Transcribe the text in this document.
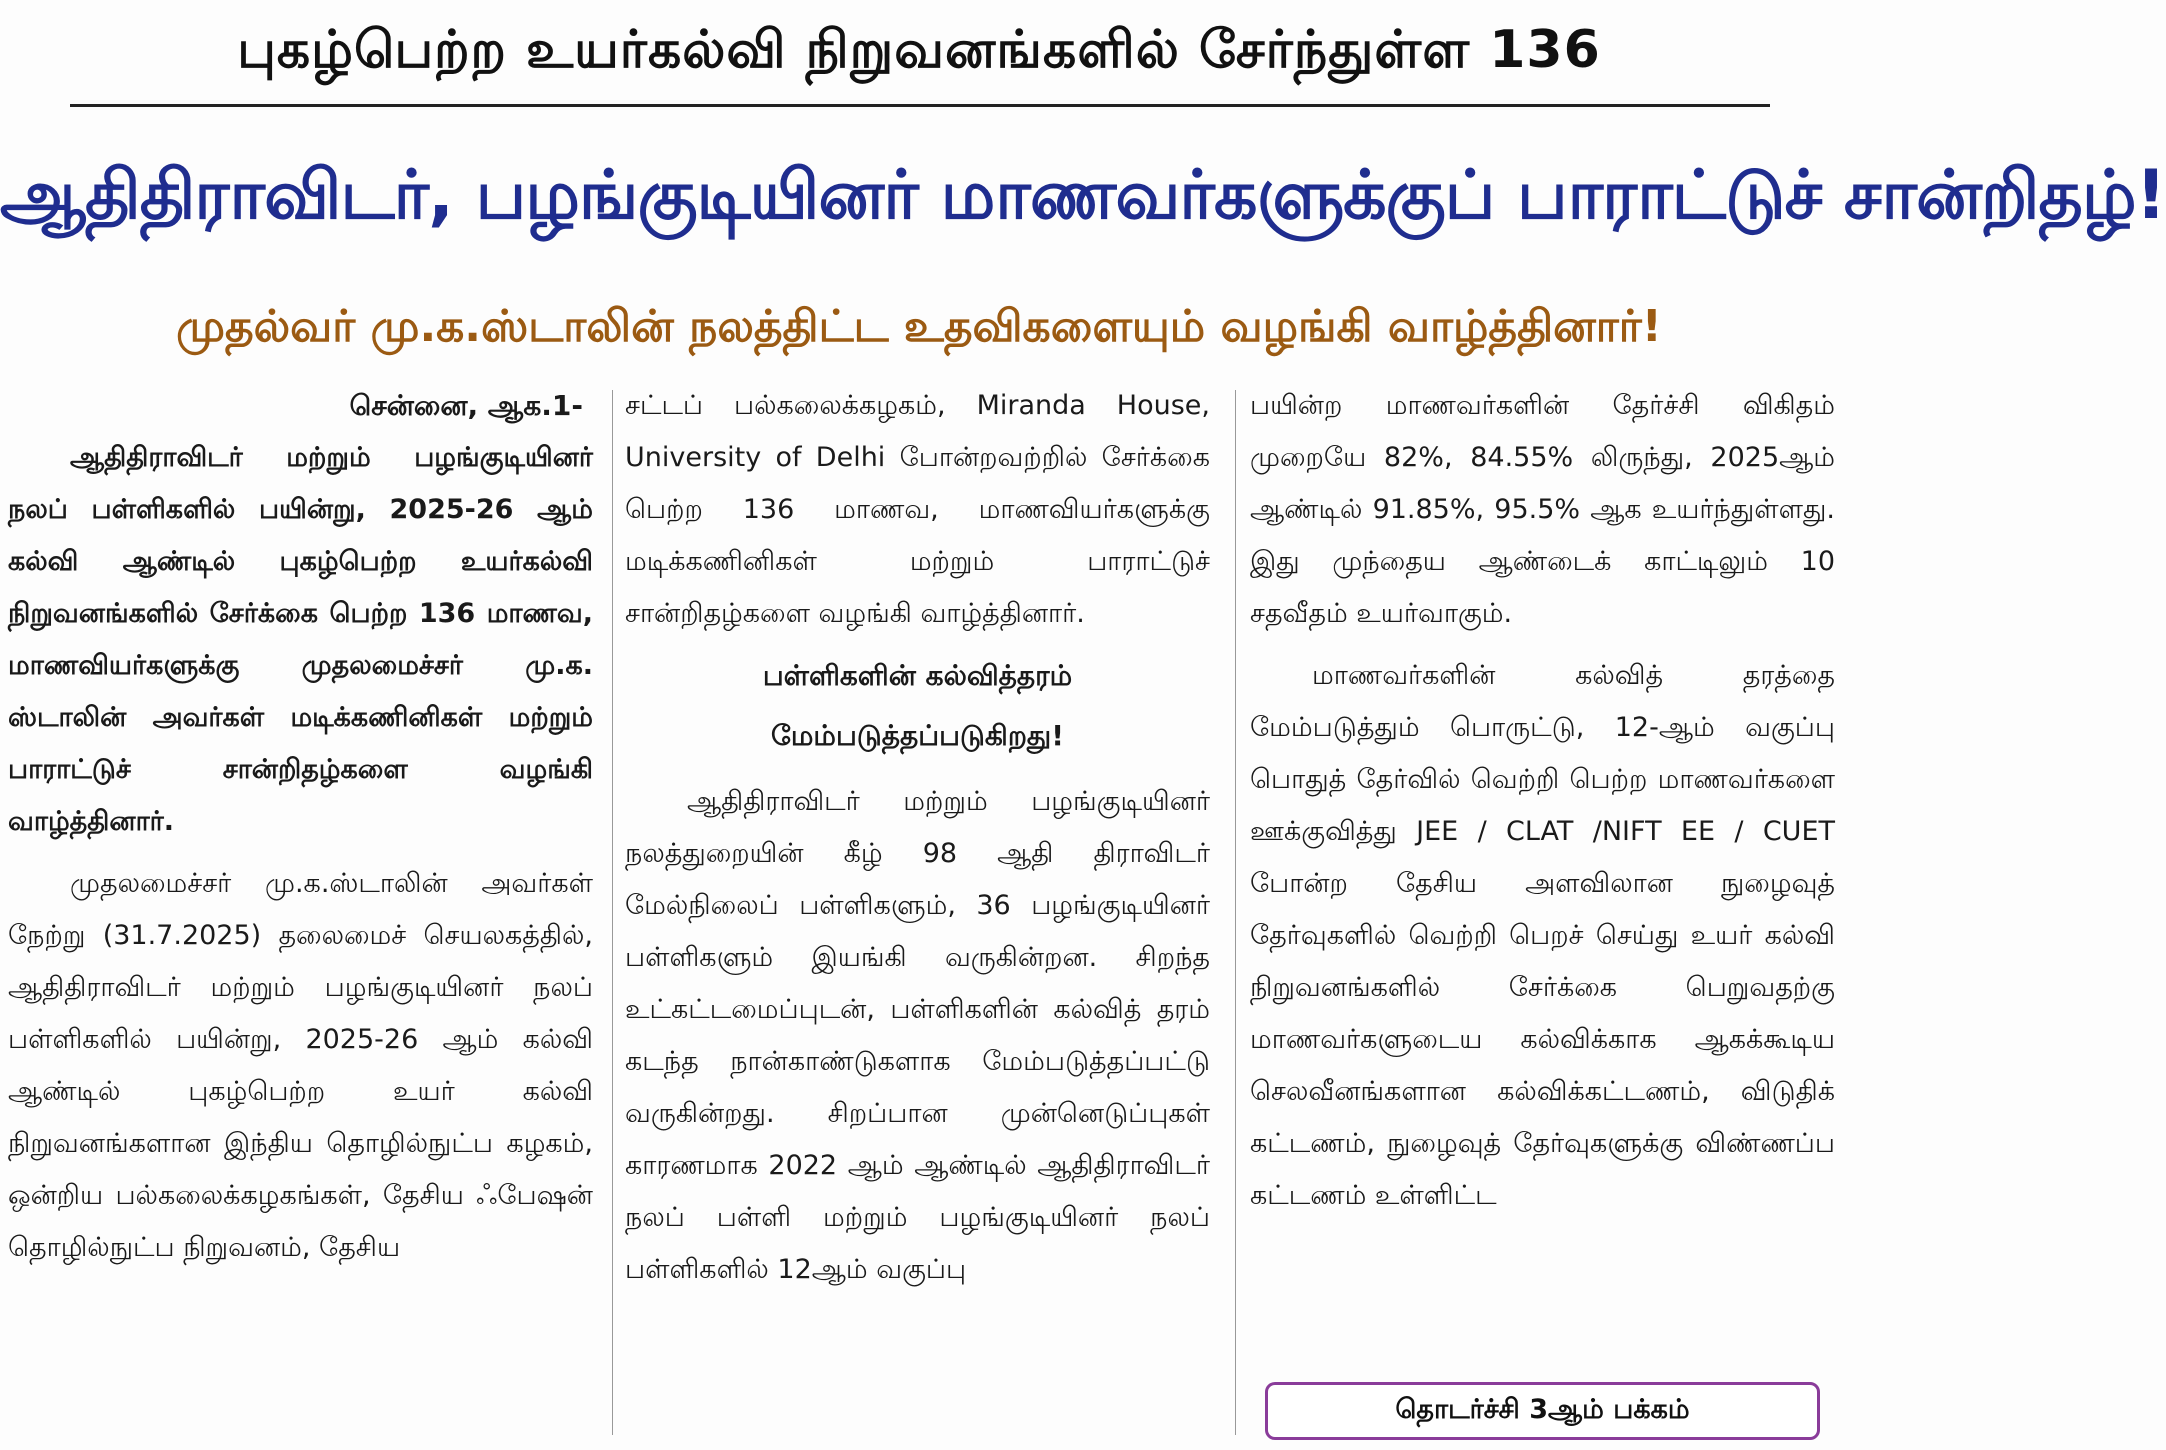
புகழ்பெற்ற உயர்கல்வி நிறுவனங்களில் சேர்ந்துள்ள 136
ஆதிதிராவிடர், பழங்குடியினர் மாணவர்களுக்குப் பாராட்டுச் சான்றிதழ்!
முதல்வர் மு.க.ஸ்டாலின் நலத்திட்ட உதவிகளையும் வழங்கி வாழ்த்தினார்!

சென்னை, ஆக.1-

ஆதிதிராவிடர் மற்றும் பழங்குடியினர் நலப் பள்ளிகளில் பயின்று, 2025-26 ஆம் கல்வி ஆண்டில் புகழ்பெற்ற உயர்கல்வி நிறுவனங்களில் சேர்க்கை பெற்ற 136 மாணவ, மாணவியர்களுக்கு முதலமைச்சர் மு.க. ஸ்டாலின் அவர்கள் மடிக்கணினிகள் மற்றும் பாராட்டுச் சான்றிதழ்களை வழங்கி வாழ்த்தினார்.

முதலமைச்சர் மு.க.ஸ்டாலின் அவர்கள் நேற்று (31.7.2025) தலைமைச் செயலகத்தில், ஆதிதிராவிடர் மற்றும் பழங்குடியினர் நலப் பள்ளிகளில் பயின்று, 2025-26 ஆம் கல்வி ஆண்டில் புகழ்பெற்ற உயர் கல்வி நிறுவனங்களான இந்திய தொழில்நுட்ப கழகம், ஒன்றிய பல்கலைக்கழகங்கள், தேசிய ஃபேஷன் தொழில்நுட்ப நிறுவனம், தேசிய

சட்டப் பல்கலைக்கழகம், Miranda House, University of Delhi போன்றவற்றில் சேர்க்கை பெற்ற 136 மாணவ, மாணவியர்களுக்கு மடிக்கணினிகள் மற்றும் பாராட்டுச் சான்றிதழ்களை வழங்கி வாழ்த்தினார்.

பள்ளிகளின் கல்வித்தரம்
மேம்படுத்தப்படுகிறது!

ஆதிதிராவிடர் மற்றும் பழங்குடியினர் நலத்துறையின் கீழ் 98 ஆதி திராவிடர் மேல்நிலைப் பள்ளிகளும், 36 பழங்குடியினர் பள்ளிகளும் இயங்கி வருகின்றன. சிறந்த உட்கட்டமைப்புடன், பள்ளிகளின் கல்வித் தரம் கடந்த நான்காண்டுகளாக மேம்படுத்தப்பட்டு வருகின்றது. சிறப்பான முன்னெடுப்புகள் காரணமாக 2022 ஆம் ஆண்டில் ஆதிதிராவிடர் நலப் பள்ளி மற்றும் பழங்குடியினர் நலப் பள்ளிகளில் 12ஆம் வகுப்பு

பயின்ற மாணவர்களின் தேர்ச்சி விகிதம் முறையே 82%, 84.55% லிருந்து, 2025ஆம் ஆண்டில் 91.85%, 95.5% ஆக உயர்ந்துள்ளது. இது முந்தைய ஆண்டைக் காட்டிலும் 10 சதவீதம் உயர்வாகும்.

மாணவர்களின் கல்வித் தரத்தை மேம்படுத்தும் பொருட்டு, 12-ஆம் வகுப்பு பொதுத் தேர்வில் வெற்றி பெற்ற மாணவர்களை ஊக்குவித்து JEE / CLAT /NIFT EE / CUET போன்ற தேசிய அளவிலான நுழைவுத் தேர்வுகளில் வெற்றி பெறச் செய்து உயர் கல்வி நிறுவனங்களில் சேர்க்கை பெறுவதற்கு மாணவர்களுடைய கல்விக்காக ஆகக்கூடிய செலவீனங்களான கல்விக்கட்டணம், விடுதிக் கட்டணம், நுழைவுத் தேர்வுகளுக்கு விண்ணப்ப கட்டணம் உள்ளிட்ட

தொடர்ச்சி 3ஆம் பக்கம்
